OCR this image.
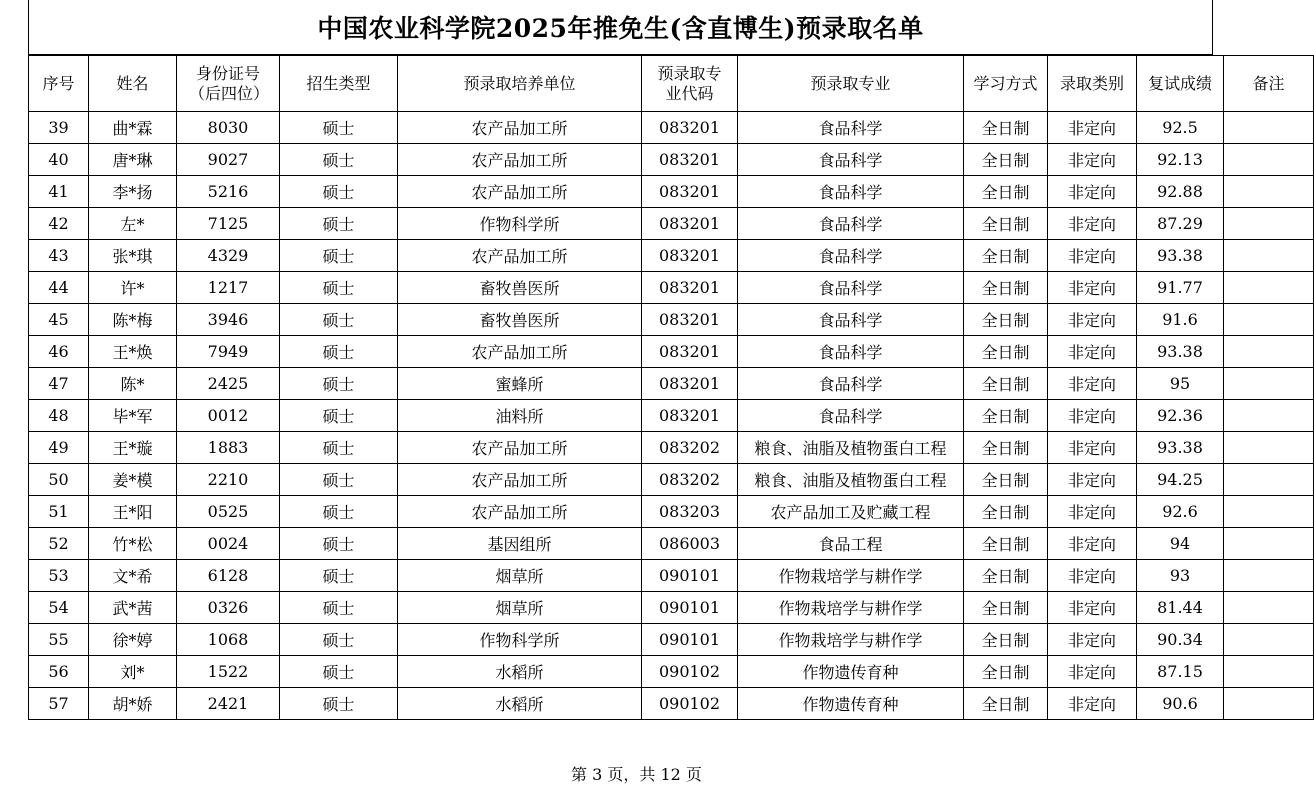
中国农业科学院2025年推免生(含直博生)预录取名单
序号	姓名	身份证号（后四位）	招生类型	预录取培养单位	预录取专业代码	预录取专业	学习方式	录取类别	复试成绩	备注
39	曲*霖	8030	硕士	农产品加工所	083201	食品科学	全日制	非定向	92.5	
40	唐*琳	9027	硕士	农产品加工所	083201	食品科学	全日制	非定向	92.13	
41	李*扬	5216	硕士	农产品加工所	083201	食品科学	全日制	非定向	92.88	
42	左*	7125	硕士	作物科学所	083201	食品科学	全日制	非定向	87.29	
43	张*琪	4329	硕士	农产品加工所	083201	食品科学	全日制	非定向	93.38	
44	许*	1217	硕士	畜牧兽医所	083201	食品科学	全日制	非定向	91.77	
45	陈*梅	3946	硕士	畜牧兽医所	083201	食品科学	全日制	非定向	91.6	
46	王*焕	7949	硕士	农产品加工所	083201	食品科学	全日制	非定向	93.38	
47	陈*	2425	硕士	蜜蜂所	083201	食品科学	全日制	非定向	95	
48	毕*军	0012	硕士	油料所	083201	食品科学	全日制	非定向	92.36	
49	王*璇	1883	硕士	农产品加工所	083202	粮食、油脂及植物蛋白工程	全日制	非定向	93.38	
50	姜*模	2210	硕士	农产品加工所	083202	粮食、油脂及植物蛋白工程	全日制	非定向	94.25	
51	王*阳	0525	硕士	农产品加工所	083203	农产品加工及贮藏工程	全日制	非定向	92.6	
52	竹*松	0024	硕士	基因组所	086003	食品工程	全日制	非定向	94	
53	文*希	6128	硕士	烟草所	090101	作物栽培学与耕作学	全日制	非定向	93	
54	武*茜	0326	硕士	烟草所	090101	作物栽培学与耕作学	全日制	非定向	81.44	
55	徐*婷	1068	硕士	作物科学所	090101	作物栽培学与耕作学	全日制	非定向	90.34	
56	刘*	1522	硕士	水稻所	090102	作物遗传育种	全日制	非定向	87.15	
57	胡*娇	2421	硕士	水稻所	090102	作物遗传育种	全日制	非定向	90.6	
第 3 页，共 12 页
